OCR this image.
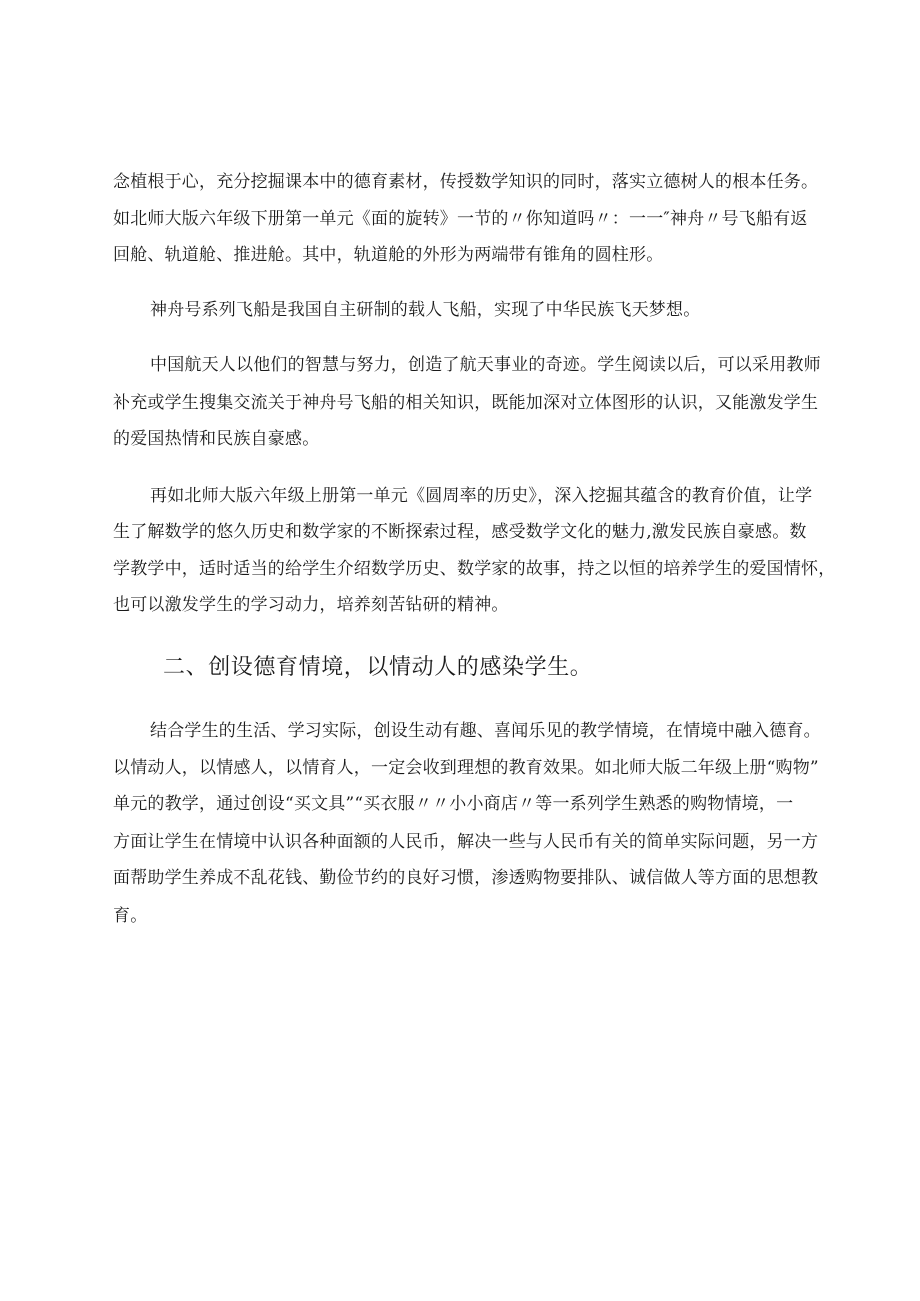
念植根于心，充分挖掘课本中的德育素材，传授数学知识的同时，落实立德树人的根本任务。
如北师大版六年级下册第一单元《面的旋转》一节的〃你知道吗〃：一一″神舟〃号飞船有返
回舱、轨道舱、推进舱。其中，轨道舱的外形为两端带有锥角的圆柱形。
神舟号系列飞船是我国自主研制的载人飞船，实现了中华民族飞天梦想。
中国航天人以他们的智慧与努力，创造了航天事业的奇迹。学生阅读以后，可以采用教师
补充或学生搜集交流关于神舟号飞船的相关知识，既能加深对立体图形的认识，又能激发学生
的爱国热情和民族自豪感。
再如北师大版六年级上册第一单元《圆周率的历史》，深入挖掘其蕴含的教育价值，让学
生了解数学的悠久历史和数学家的不断探索过程，感受数学文化的魅力,激发民族自豪感。数
学教学中，适时适当的给学生介绍数学历史、数学家的故事，持之以恒的培养学生的爱国情怀，
也可以激发学生的学习动力，培养刻苦钻研的精神。
二、创设德育情境，以情动人的感染学生。
结合学生的生活、学习实际，创设生动有趣、喜闻乐见的教学情境，在情境中融入德育。
以情动人，以情感人，以情育人，一定会收到理想的教育效果。如北师大版二年级上册“购物”
单元的教学，通过创设“买文具”“买衣服〃〃小小商店〃等一系列学生熟悉的购物情境，一
方面让学生在情境中认识各种面额的人民币，解决一些与人民币有关的简单实际问题，另一方
面帮助学生养成不乱花钱、勤俭节约的良好习惯，渗透购物要排队、诚信做人等方面的思想教
育。
